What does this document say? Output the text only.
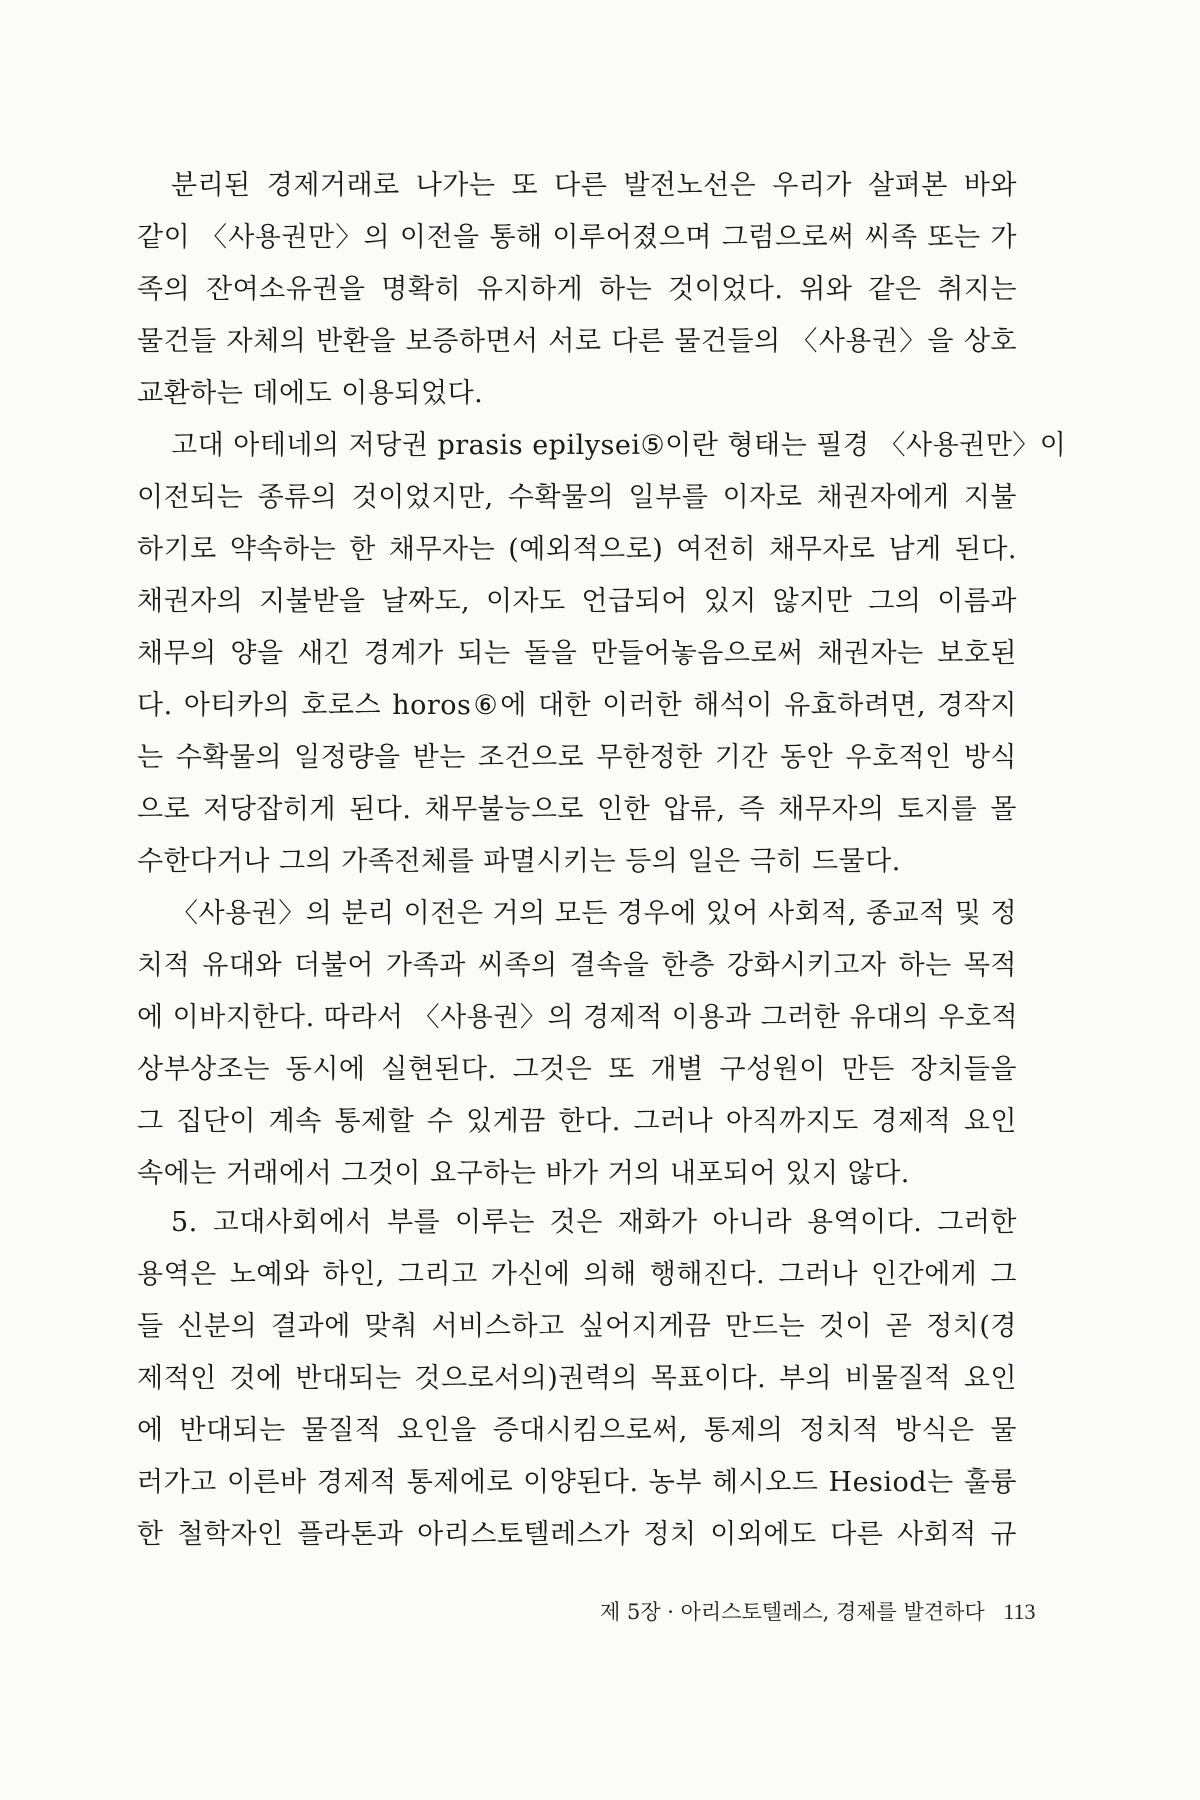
분리된 경제거래로 나가는 또 다른 발전노선은 우리가 살펴본 바와
같이 〈사용권만〉의 이전을 통해 이루어졌으며 그럼으로써 씨족 또는 가
족의 잔여소유권을 명확히 유지하게 하는 것이었다. 위와 같은 취지는
물건들 자체의 반환을 보증하면서 서로 다른 물건들의 〈사용권〉을 상호
교환하는 데에도 이용되었다.
고대 아테네의 저당권 prasis epilysei⑤이란 형태는 필경 〈사용권만〉이
이전되는 종류의 것이었지만, 수확물의 일부를 이자로 채권자에게 지불
하기로 약속하는 한 채무자는 (예외적으로) 여전히 채무자로 남게 된다.
채권자의 지불받을 날짜도, 이자도 언급되어 있지 않지만 그의 이름과
채무의 양을 새긴 경계가 되는 돌을 만들어놓음으로써 채권자는 보호된
다. 아티카의 호로스 horos⑥에 대한 이러한 해석이 유효하려면, 경작지
는 수확물의 일정량을 받는 조건으로 무한정한 기간 동안 우호적인 방식
으로 저당잡히게 된다. 채무불능으로 인한 압류, 즉 채무자의 토지를 몰
수한다거나 그의 가족전체를 파멸시키는 등의 일은 극히 드물다.
〈사용권〉의 분리 이전은 거의 모든 경우에 있어 사회적, 종교적 및 정
치적 유대와 더불어 가족과 씨족의 결속을 한층 강화시키고자 하는 목적
에 이바지한다. 따라서 〈사용권〉의 경제적 이용과 그러한 유대의 우호적
상부상조는 동시에 실현된다. 그것은 또 개별 구성원이 만든 장치들을
그 집단이 계속 통제할 수 있게끔 한다. 그러나 아직까지도 경제적 요인
속에는 거래에서 그것이 요구하는 바가 거의 내포되어 있지 않다.
5. 고대사회에서 부를 이루는 것은 재화가 아니라 용역이다. 그러한
용역은 노예와 하인, 그리고 가신에 의해 행해진다. 그러나 인간에게 그
들 신분의 결과에 맞춰 서비스하고 싶어지게끔 만드는 것이 곧 정치(경
제적인 것에 반대되는 것으로서의)권력의 목표이다. 부의 비물질적 요인
에 반대되는 물질적 요인을 증대시킴으로써, 통제의 정치적 방식은 물
러가고 이른바 경제적 통제에로 이양된다. 농부 헤시오드 Hesiod는 훌륭
한 철학자인 플라톤과 아리스토텔레스가 정치 이외에도 다른 사회적 규
제 5장 · 아리스토텔레스, 경제를 발견하다 113
